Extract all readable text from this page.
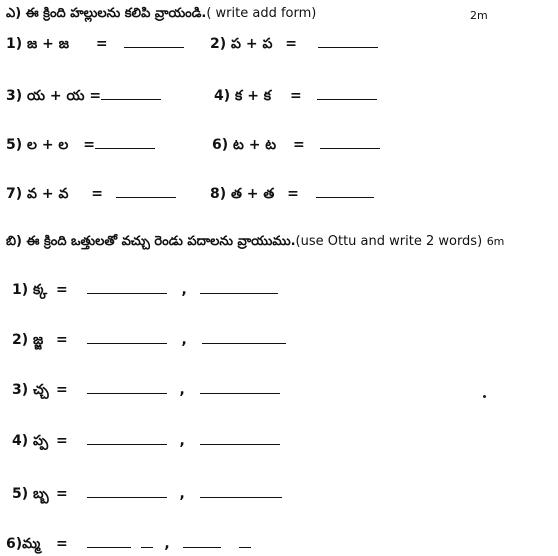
ఎ) ఈ క్రింది హల్లులను కలిపి వ్రాయండి.( write add form)	2m
1) జ + జ =	2) ప + ప =
3) య + య =	4) క + క =
5) ల + ల =	6) ట + ట =
7) వ + వ =	8) త + త =
బి) ఈ క్రింది ఒత్తులతో వచ్చు రెండు పదాలను వ్రాయుము.(use Ottu and write 2 words) 6m
1) క్క =	,
2) జ్జ =	,
3) చ్చ =	,
4) ప్ప =	,
5) బ్బ =	,
6)మ్మ =	,
